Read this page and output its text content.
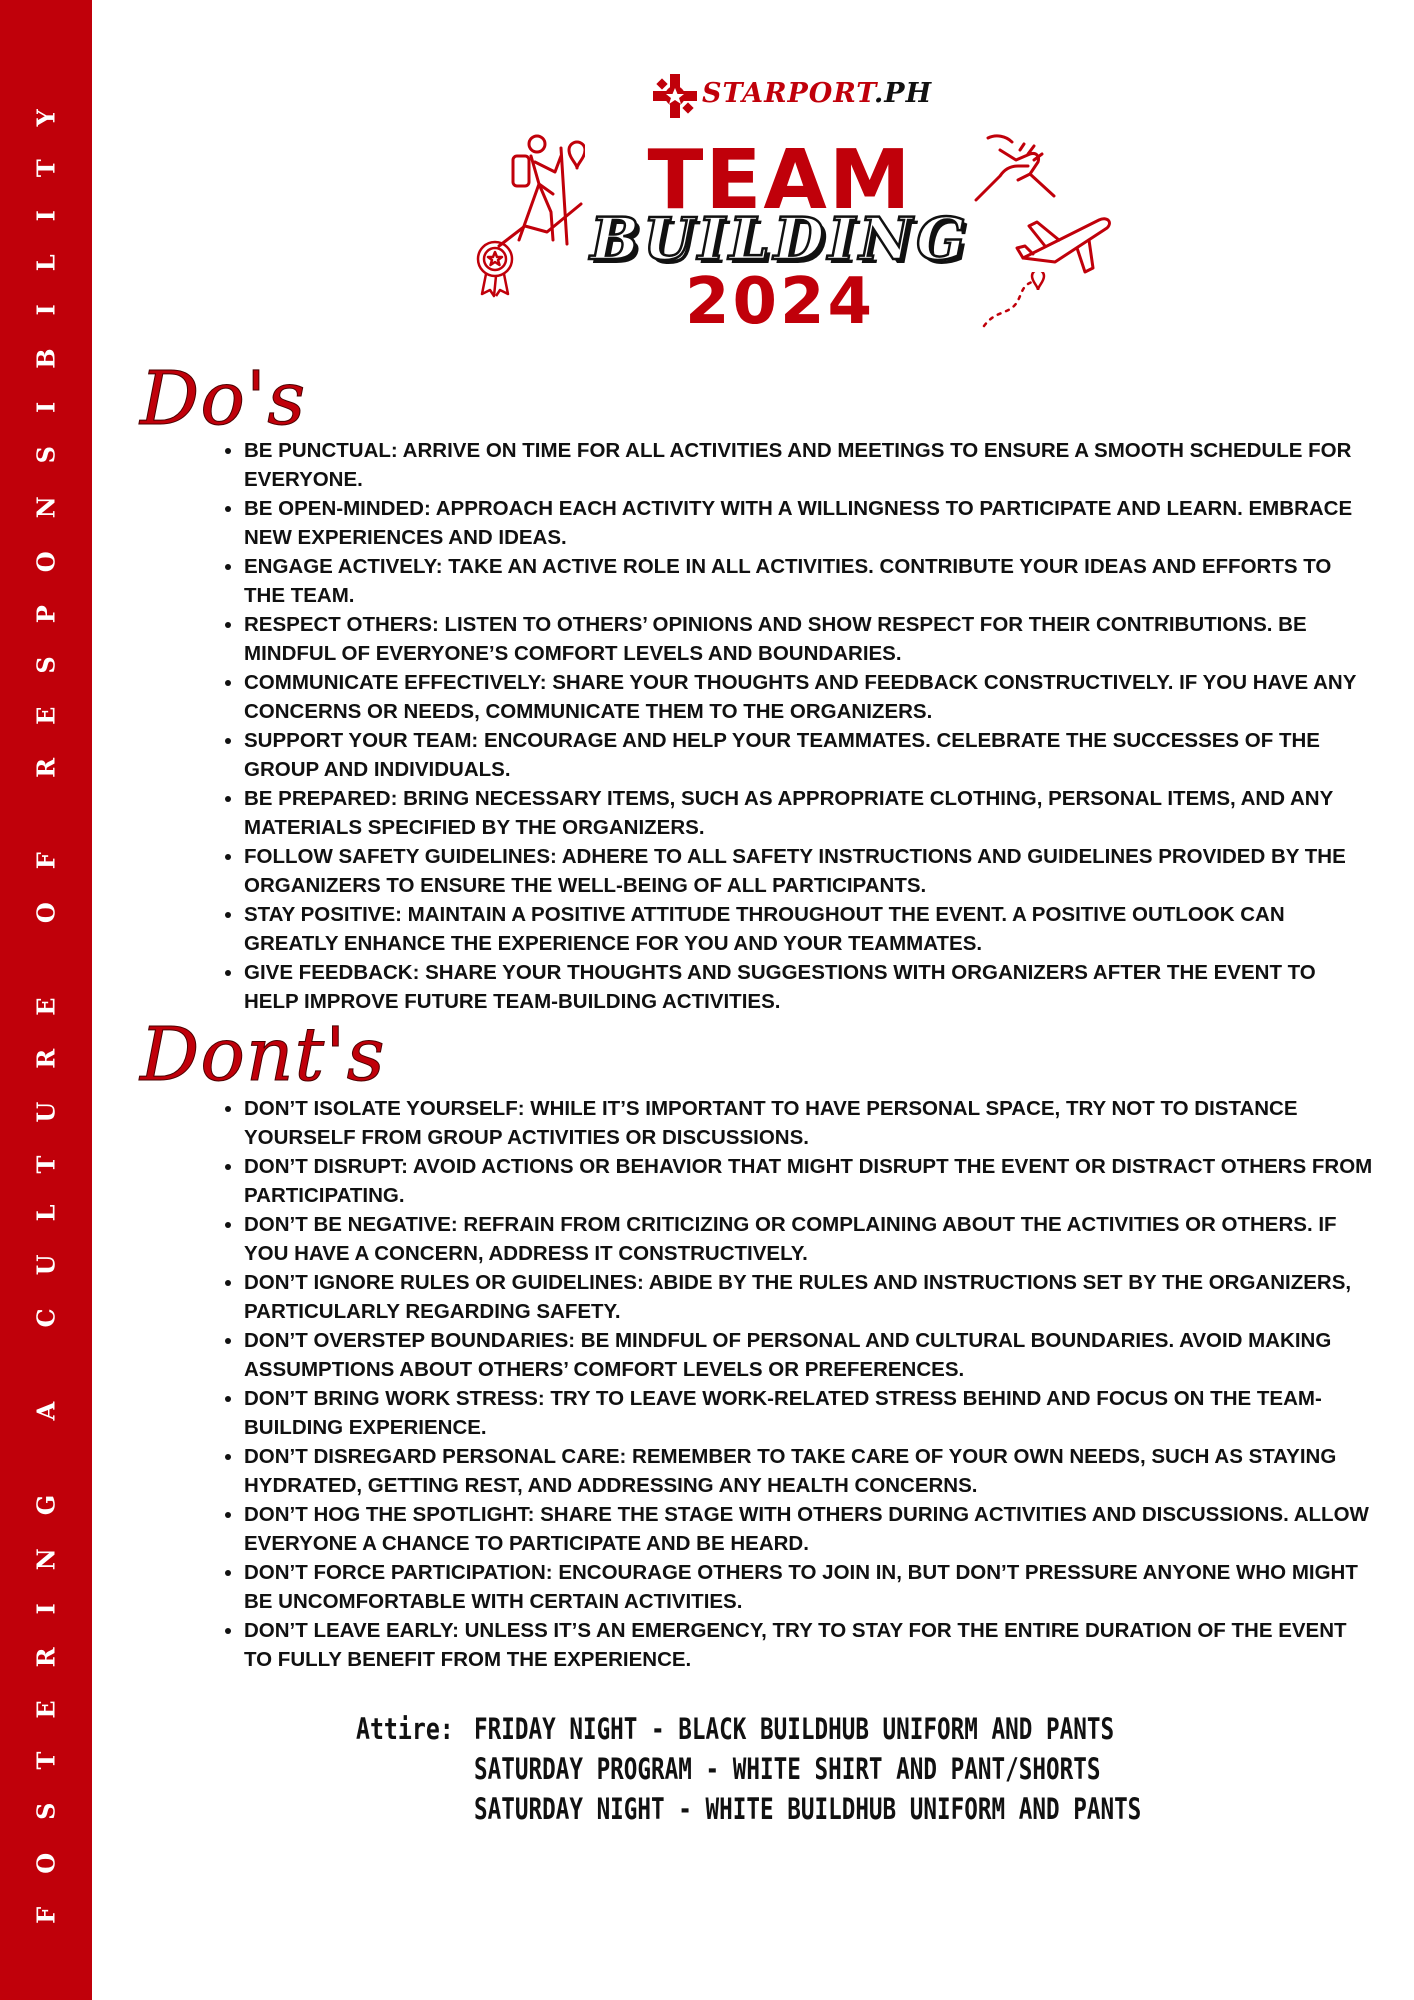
FOSTERING A CULTURE OF RESPONSIBILITY	STARPORT.PH
TEAM
BUILDING
2024
Do's
• BE PUNCTUAL: ARRIVE ON TIME FOR ALL ACTIVITIES AND MEETINGS TO ENSURE A SMOOTH SCHEDULE FOR EVERYONE.
• BE OPEN-MINDED: APPROACH EACH ACTIVITY WITH A WILLINGNESS TO PARTICIPATE AND LEARN. EMBRACE NEW EXPERIENCES AND IDEAS.
• ENGAGE ACTIVELY: TAKE AN ACTIVE ROLE IN ALL ACTIVITIES. CONTRIBUTE YOUR IDEAS AND EFFORTS TO THE TEAM.
• RESPECT OTHERS: LISTEN TO OTHERS’ OPINIONS AND SHOW RESPECT FOR THEIR CONTRIBUTIONS. BE MINDFUL OF EVERYONE’S COMFORT LEVELS AND BOUNDARIES.
• COMMUNICATE EFFECTIVELY: SHARE YOUR THOUGHTS AND FEEDBACK CONSTRUCTIVELY. IF YOU HAVE ANY CONCERNS OR NEEDS, COMMUNICATE THEM TO THE ORGANIZERS.
• SUPPORT YOUR TEAM: ENCOURAGE AND HELP YOUR TEAMMATES. CELEBRATE THE SUCCESSES OF THE GROUP AND INDIVIDUALS.
• BE PREPARED: BRING NECESSARY ITEMS, SUCH AS APPROPRIATE CLOTHING, PERSONAL ITEMS, AND ANY MATERIALS SPECIFIED BY THE ORGANIZERS.
• FOLLOW SAFETY GUIDELINES: ADHERE TO ALL SAFETY INSTRUCTIONS AND GUIDELINES PROVIDED BY THE ORGANIZERS TO ENSURE THE WELL-BEING OF ALL PARTICIPANTS.
• STAY POSITIVE: MAINTAIN A POSITIVE ATTITUDE THROUGHOUT THE EVENT. A POSITIVE OUTLOOK CAN GREATLY ENHANCE THE EXPERIENCE FOR YOU AND YOUR TEAMMATES.
• GIVE FEEDBACK: SHARE YOUR THOUGHTS AND SUGGESTIONS WITH ORGANIZERS AFTER THE EVENT TO HELP IMPROVE FUTURE TEAM-BUILDING ACTIVITIES.
Dont's
• DON’T ISOLATE YOURSELF: WHILE IT’S IMPORTANT TO HAVE PERSONAL SPACE, TRY NOT TO DISTANCE YOURSELF FROM GROUP ACTIVITIES OR DISCUSSIONS.
• DON’T DISRUPT: AVOID ACTIONS OR BEHAVIOR THAT MIGHT DISRUPT THE EVENT OR DISTRACT OTHERS FROM PARTICIPATING.
• DON’T BE NEGATIVE: REFRAIN FROM CRITICIZING OR COMPLAINING ABOUT THE ACTIVITIES OR OTHERS. IF YOU HAVE A CONCERN, ADDRESS IT CONSTRUCTIVELY.
• DON’T IGNORE RULES OR GUIDELINES: ABIDE BY THE RULES AND INSTRUCTIONS SET BY THE ORGANIZERS, PARTICULARLY REGARDING SAFETY.
• DON’T OVERSTEP BOUNDARIES: BE MINDFUL OF PERSONAL AND CULTURAL BOUNDARIES. AVOID MAKING ASSUMPTIONS ABOUT OTHERS’ COMFORT LEVELS OR PREFERENCES.
• DON’T BRING WORK STRESS: TRY TO LEAVE WORK-RELATED STRESS BEHIND AND FOCUS ON THE TEAM-BUILDING EXPERIENCE.
• DON’T DISREGARD PERSONAL CARE: REMEMBER TO TAKE CARE OF YOUR OWN NEEDS, SUCH AS STAYING HYDRATED, GETTING REST, AND ADDRESSING ANY HEALTH CONCERNS.
• DON’T HOG THE SPOTLIGHT: SHARE THE STAGE WITH OTHERS DURING ACTIVITIES AND DISCUSSIONS. ALLOW EVERYONE A CHANCE TO PARTICIPATE AND BE HEARD.
• DON’T FORCE PARTICIPATION: ENCOURAGE OTHERS TO JOIN IN, BUT DON’T PRESSURE ANYONE WHO MIGHT BE UNCOMFORTABLE WITH CERTAIN ACTIVITIES.
• DON’T LEAVE EARLY: UNLESS IT’S AN EMERGENCY, TRY TO STAY FOR THE ENTIRE DURATION OF THE EVENT TO FULLY BENEFIT FROM THE EXPERIENCE.
Attire: FRIDAY NIGHT - BLACK BUILDHUB UNIFORM AND PANTS
SATURDAY PROGRAM - WHITE SHIRT AND PANT/SHORTS
SATURDAY NIGHT - WHITE BUILDHUB UNIFORM AND PANTS
